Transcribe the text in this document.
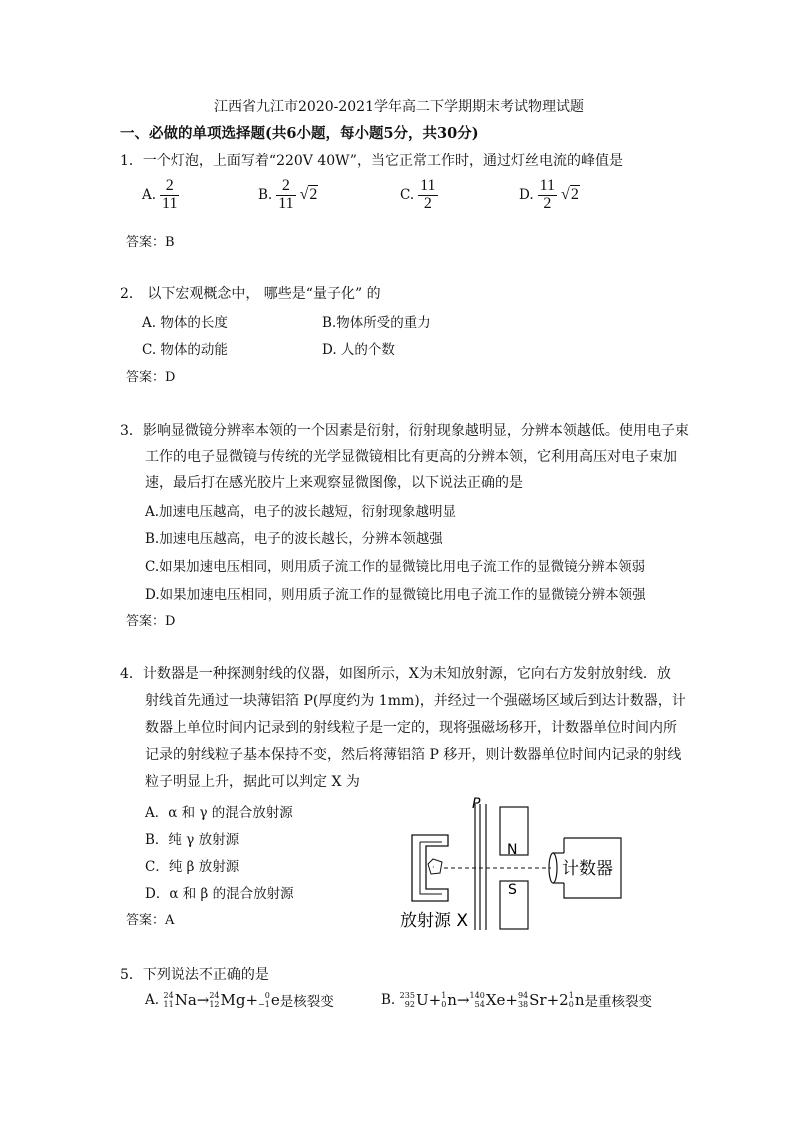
江西省九江市2020-2021学年高二下学期期末考试物理试题
一、必做的单项选择题(共6小题，每小题5分，共30分)
1．一个灯泡，上面写着“220V 40W”，当它正常工作时，通过灯丝电流的峰值是
A. $\frac{2}{11}$	B. $\frac{2}{11} √2$	C. $\frac{11}{2}$	D. $\frac{11}{2} √2$
答案：B
2． 以下宏观概念中， 哪些是“量子化” 的
A. 物体的长度	B.物体所受的重力
C. 物体的动能	D. 人的个数
答案：D
3．影响显微镜分辨率本领的一个因素是衍射，衍射现象越明显，分辨本领越低。使用电子束
工作的电子显微镜与传统的光学显微镜相比有更高的分辨本领，它利用高压对电子束加
速，最后打在感光胶片上来观察显微图像，以下说法正确的是
A.加速电压越高，电子的波长越短，衍射现象越明显
B.加速电压越高，电子的波长越长，分辨本领越强
C.如果加速电压相同，则用质子流工作的显微镜比用电子流工作的显微镜分辨本领弱
D.如果加速电压相同，则用质子流工作的显微镜比用电子流工作的显微镜分辨本领强
答案：D
4．计数器是一种探测射线的仪器，如图所示，X为未知放射源，它向右方发射放射线．放
射线首先通过一块薄铝箔 P(厚度约为 1mm)，并经过一个强磁场区域后到达计数器，计
数器上单位时间内记录到的射线粒子是一定的，现将强磁场移开，计数器单位时间内所
记录的射线粒子基本保持不变，然后将薄铝箔 P 移开，则计数器单位时间内记录的射线
粒子明显上升，据此可以判定 X 为
A．α 和 γ 的混合放射源
B．纯 γ 放射源
C．纯 β 放射源
D．α 和 β 的混合放射源
答案：A
·
P
N
S
计数器
放射源 X
5．下列说法不正确的是
A.
24
11 Na → 24
12 Mg + 0
−1 e 是核裂变	B.
235
92 U + 1
0 n → 140
54 Xe + 94
38 Sr + 2 1
0 n 是重核裂变
